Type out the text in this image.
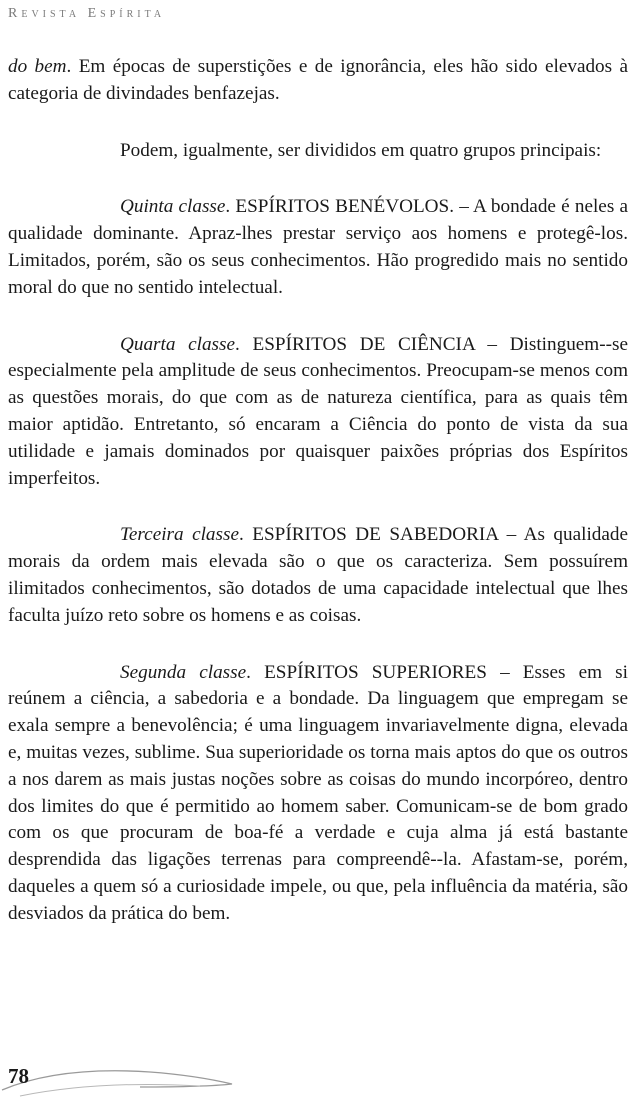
Revista Espírita

do bem. Em épocas de superstições e de ignorância, eles hão sido elevados à categoria de divindades benfazejas.

Podem, igualmente, ser divididos em quatro grupos principais:

Quinta classe. ESPÍRITOS BENÉVOLOS. – A bondade é neles a qualidade dominante. Apraz-lhes prestar serviço aos homens e protegê-los. Limitados, porém, são os seus conhecimentos. Hão progredido mais no sentido moral do que no sentido intelectual.

Quarta classe. ESPÍRITOS DE CIÊNCIA – Distinguem--se especialmente pela amplitude de seus conhecimentos. Preocupam-se menos com as questões morais, do que com as de natureza científica, para as quais têm maior aptidão. Entretanto, só encaram a Ciência do ponto de vista da sua utilidade e jamais dominados por quaisquer paixões próprias dos Espíritos imperfeitos.

Terceira classe. ESPÍRITOS DE SABEDORIA – As qualidade morais da ordem mais elevada são o que os caracteriza. Sem possuírem ilimitados conhecimentos, são dotados de uma capacidade intelectual que lhes faculta juízo reto sobre os homens e as coisas.

Segunda classe. ESPÍRITOS SUPERIORES – Esses em si reúnem a ciência, a sabedoria e a bondade. Da linguagem que empregam se exala sempre a benevolência; é uma linguagem invariavelmente digna, elevada e, muitas vezes, sublime. Sua superioridade os torna mais aptos do que os outros a nos darem as mais justas noções sobre as coisas do mundo incorpóreo, dentro dos limites do que é permitido ao homem saber. Comunicam-se de bom grado com os que procuram de boa-fé a verdade e cuja alma já está bastante desprendida das ligações terrenas para compreendê--la. Afastam-se, porém, daqueles a quem só a curiosidade impele, ou que, pela influência da matéria, são desviados da prática do bem.

78
